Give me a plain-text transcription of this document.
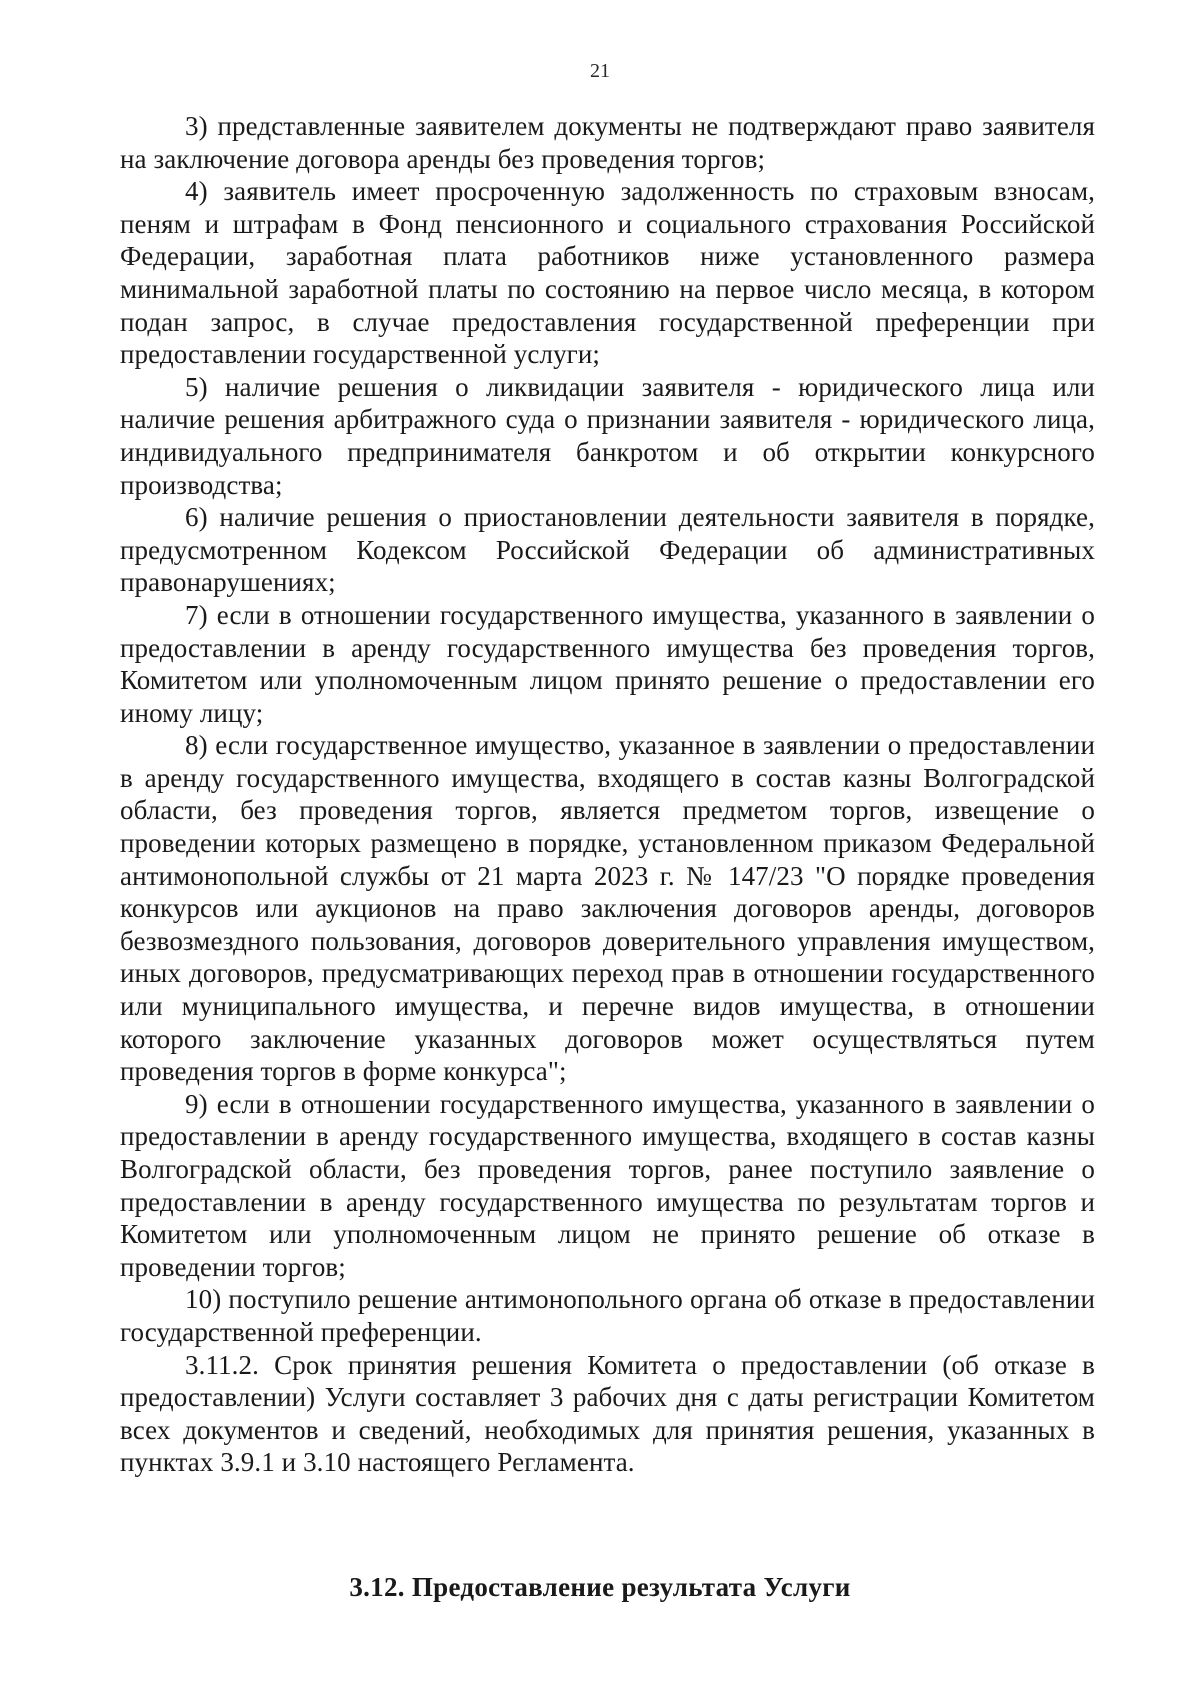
21

3) представленные заявителем документы не подтверждают право заявителя на заключение договора аренды без проведения торгов;

4) заявитель имеет просроченную задолженность по страховым взносам, пеням и штрафам в Фонд пенсионного и социального страхования Российской Федерации, заработная плата работников ниже установленного размера минимальной заработной платы по состоянию на первое число месяца, в котором подан запрос, в случае предоставления государственной преференции при предоставлении государственной услуги;

5) наличие решения о ликвидации заявителя - юридического лица или наличие решения арбитражного суда о признании заявителя - юридического лица, индивидуального предпринимателя банкротом и об открытии конкурсного производства;

6) наличие решения о приостановлении деятельности заявителя в порядке, предусмотренном Кодексом Российской Федерации об административных правонарушениях;

7) если в отношении государственного имущества, указанного в заявлении о предоставлении в аренду государственного имущества без проведения торгов, Комитетом или уполномоченным лицом принято решение о предоставлении его иному лицу;

8) если государственное имущество, указанное в заявлении о предоставлении в аренду государственного имущества, входящего в состав казны Волгоградской области, без проведения торгов, является предметом торгов, извещение о проведении которых размещено в порядке, установленном приказом Федеральной антимонопольной службы от 21 марта 2023 г. № 147/23 "О порядке проведения конкурсов или аукционов на право заключения договоров аренды, договоров безвозмездного пользования, договоров доверительного управления имуществом, иных договоров, предусматривающих переход прав в отношении государственного или муниципального имущества, и перечне видов имущества, в отношении которого заключение указанных договоров может осуществляться путем проведения торгов в форме конкурса";

9) если в отношении государственного имущества, указанного в заявлении о предоставлении в аренду государственного имущества, входящего в состав казны Волгоградской области, без проведения торгов, ранее поступило заявление о предоставлении в аренду государственного имущества по результатам торгов и Комитетом или уполномоченным лицом не принято решение об отказе в проведении торгов;

10) поступило решение антимонопольного органа об отказе в предоставлении государственной преференции.

3.11.2. Срок принятия решения Комитета о предоставлении (об отказе в предоставлении) Услуги составляет 3 рабочих дня с даты регистрации Комитетом всех документов и сведений, необходимых для принятия решения, указанных в пунктах 3.9.1 и 3.10 настоящего Регламента.

3.12. Предоставление результата Услуги
